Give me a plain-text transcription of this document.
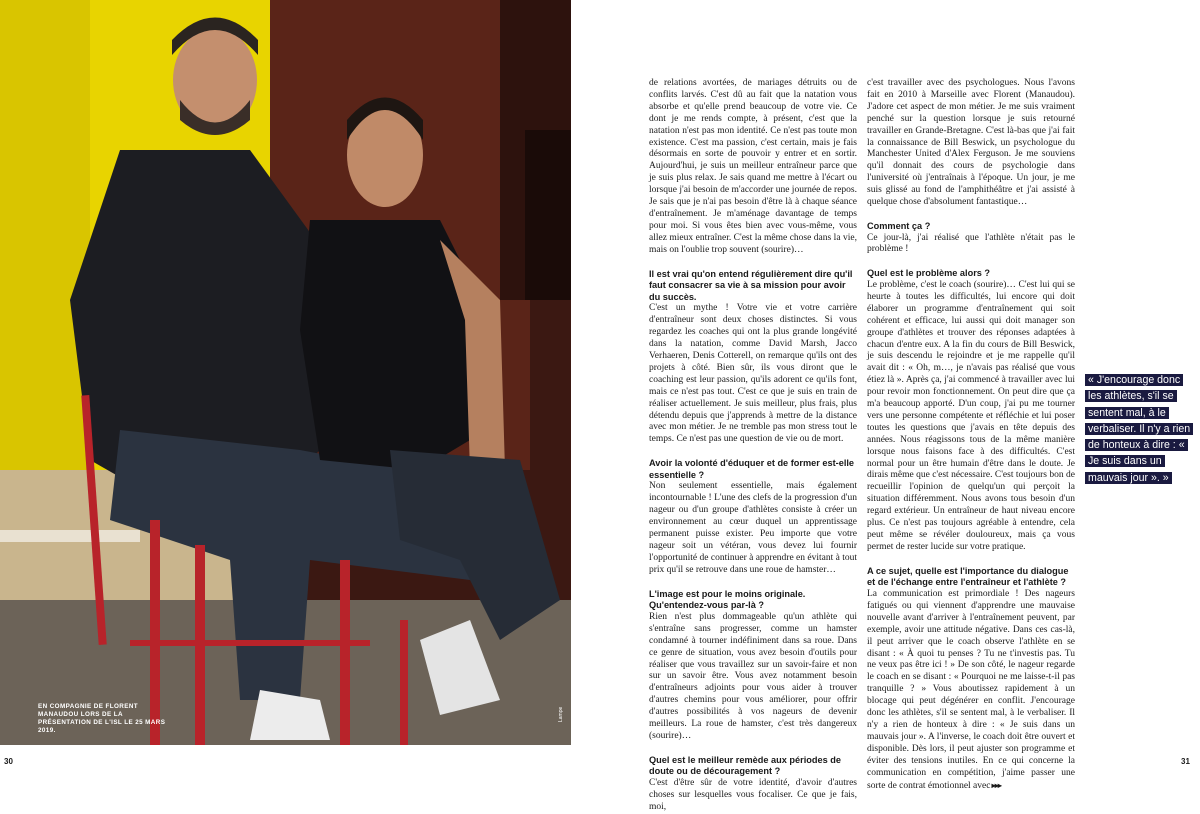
EN COMPAGNIE DE FLORENT MANAUDOU LORS DE LA PRÉSENTATION DE L'ISL LE 25 MARS 2019.
Lampe

de relations avortées, de mariages détruits ou de conflits larvés. C'est dû au fait que la natation vous absorbe et qu'elle prend beaucoup de votre vie. Ce dont je me rends compte, à présent, c'est que la natation n'est pas mon identité. Ce n'est pas toute mon existence. C'est ma passion, c'est certain, mais je fais désormais en sorte de pouvoir y entrer et en sortir. Aujourd'hui, je suis un meilleur entraîneur parce que je suis plus relax. Je sais quand me mettre à l'écart ou lorsque j'ai besoin de m'accorder une journée de repos. Je sais que je n'ai pas besoin d'être là à chaque séance d'entraînement. Je m'aménage davantage de temps pour moi. Si vous êtes bien avec vous-même, vous allez mieux entraîner. C'est la même chose dans la vie, mais on l'oublie trop souvent (sourire)…

Il est vrai qu'on entend régulièrement dire qu'il faut consacrer sa vie à sa mission pour avoir du succès.

C'est un mythe ! Votre vie et votre carrière d'entraîneur sont deux choses distinctes. Si vous regardez les coaches qui ont la plus grande longévité dans la natation, comme David Marsh, Jacco Verhaeren, Denis Cotterell, on remarque qu'ils ont des projets à côté. Bien sûr, ils vous diront que le coaching est leur passion, qu'ils adorent ce qu'ils font, mais ce n'est pas tout. C'est ce que je suis en train de réaliser actuellement. Je suis meilleur, plus frais, plus détendu depuis que j'apprends à mettre de la distance avec mon métier. Je ne tremble pas mon stress tout le temps. Ce n'est pas une question de vie ou de mort.

Avoir la volonté d'éduquer et de former est-elle essentielle ?

Non seulement essentielle, mais également incontournable ! L'une des clefs de la progression d'un nageur ou d'un groupe d'athlètes consiste à créer un environnement au cœur duquel un apprentissage permanent puisse exister. Peu importe que votre nageur soit un vétéran, vous devez lui fournir l'opportunité de continuer à apprendre en évitant à tout prix qu'il se retrouve dans une roue de hamster…

L'image est pour le moins originale. Qu'entendez-vous par-là ?

Rien n'est plus dommageable qu'un athlète qui s'entraîne sans progresser, comme un hamster condamné à tourner indéfiniment dans sa roue. Dans ce genre de situation, vous avez besoin d'outils pour réaliser que vous travaillez sur un savoir-faire et non sur un savoir être. Vous avez notamment besoin d'entraîneurs adjoints pour vous aider à trouver d'autres chemins pour vous améliorer, pour offrir d'autres possibilités à vos nageurs de devenir meilleurs. La roue de hamster, c'est très dangereux (sourire)…

Quel est le meilleur remède aux périodes de doute ou de découragement ?

C'est d'être sûr de votre identité, d'avoir d'autres choses sur lesquelles vous focaliser. Ce que je fais, moi,

c'est travailler avec des psychologues. Nous l'avons fait en 2010 à Marseille avec Florent (Manaudou). J'adore cet aspect de mon métier. Je me suis vraiment penché sur la question lorsque je suis retourné travailler en Grande-Bretagne. C'est là-bas que j'ai fait la connaissance de Bill Beswick, un psychologue du Manchester United d'Alex Ferguson. Je me souviens qu'il donnait des cours de psychologie dans l'université où j'entraînais à l'époque. Un jour, je me suis glissé au fond de l'amphithéâtre et j'ai assisté à quelque chose d'absolument fantastique…

Comment ça ?

Ce jour-là, j'ai réalisé que l'athlète n'était pas le problème !

Quel est le problème alors ?

Le problème, c'est le coach (sourire)… C'est lui qui se heurte à toutes les difficultés, lui encore qui doit élaborer un programme d'entraînement qui soit cohérent et efficace, lui aussi qui doit manager son groupe d'athlètes et trouver des réponses adaptées à chacun d'entre eux. A la fin du cours de Bill Beswick, je suis descendu le rejoindre et je me rappelle qu'il avait dit : « Oh, m…, je n'avais pas réalisé que vous étiez là ». Après ça, j'ai commencé à travailler avec lui pour revoir mon fonctionnement. On peut dire que ça m'a beaucoup apporté. D'un coup, j'ai pu me tourner vers une personne compétente et réfléchie et lui poser toutes les questions que j'avais en tête depuis des années. Nous réagissons tous de la même manière lorsque nous faisons face à des difficultés. C'est normal pour un être humain d'être dans le doute. Je dirais même que c'est nécessaire. C'est toujours bon de recueillir l'opinion de quelqu'un qui perçoit la situation différemment. Nous avons tous besoin d'un regard extérieur. Un entraîneur de haut niveau encore plus. Ce n'est pas toujours agréable à entendre, cela peut même se révéler douloureux, mais ça vous permet de rester lucide sur votre pratique.

A ce sujet, quelle est l'importance du dialogue et de l'échange entre l'entraîneur et l'athlète ?

La communication est primordiale ! Des nageurs fatigués ou qui viennent d'apprendre une mauvaise nouvelle avant d'arriver à l'entraînement peuvent, par exemple, avoir une attitude négative. Dans ces cas-là, il peut arriver que le coach observe l'athlète en se disant : « À quoi tu penses ? Tu ne t'investis pas. Tu ne veux pas être ici ! » De son côté, le nageur regarde le coach en se disant : « Pourquoi ne me laisse-t-il pas tranquille ? » Vous aboutissez rapidement à un blocage qui peut dégénérer en conflit. J'encourage donc les athlètes, s'il se sentent mal, à le verbaliser. Il n'y a rien de honteux à dire : « Je suis dans un mauvais jour ». A l'inverse, le coach doit être ouvert et disponible. Dès lors, il peut ajuster son programme et éviter des tensions inutiles. En ce qui concerne la communication en compétition, j'aime passer une sorte de contrat émotionnel avec ▸▸▸

« J'encourage donc les athlètes, s'il se sentent mal, à le verbaliser. Il n'y a rien de honteux à dire : « Je suis dans un mauvais jour ». »
30	31
